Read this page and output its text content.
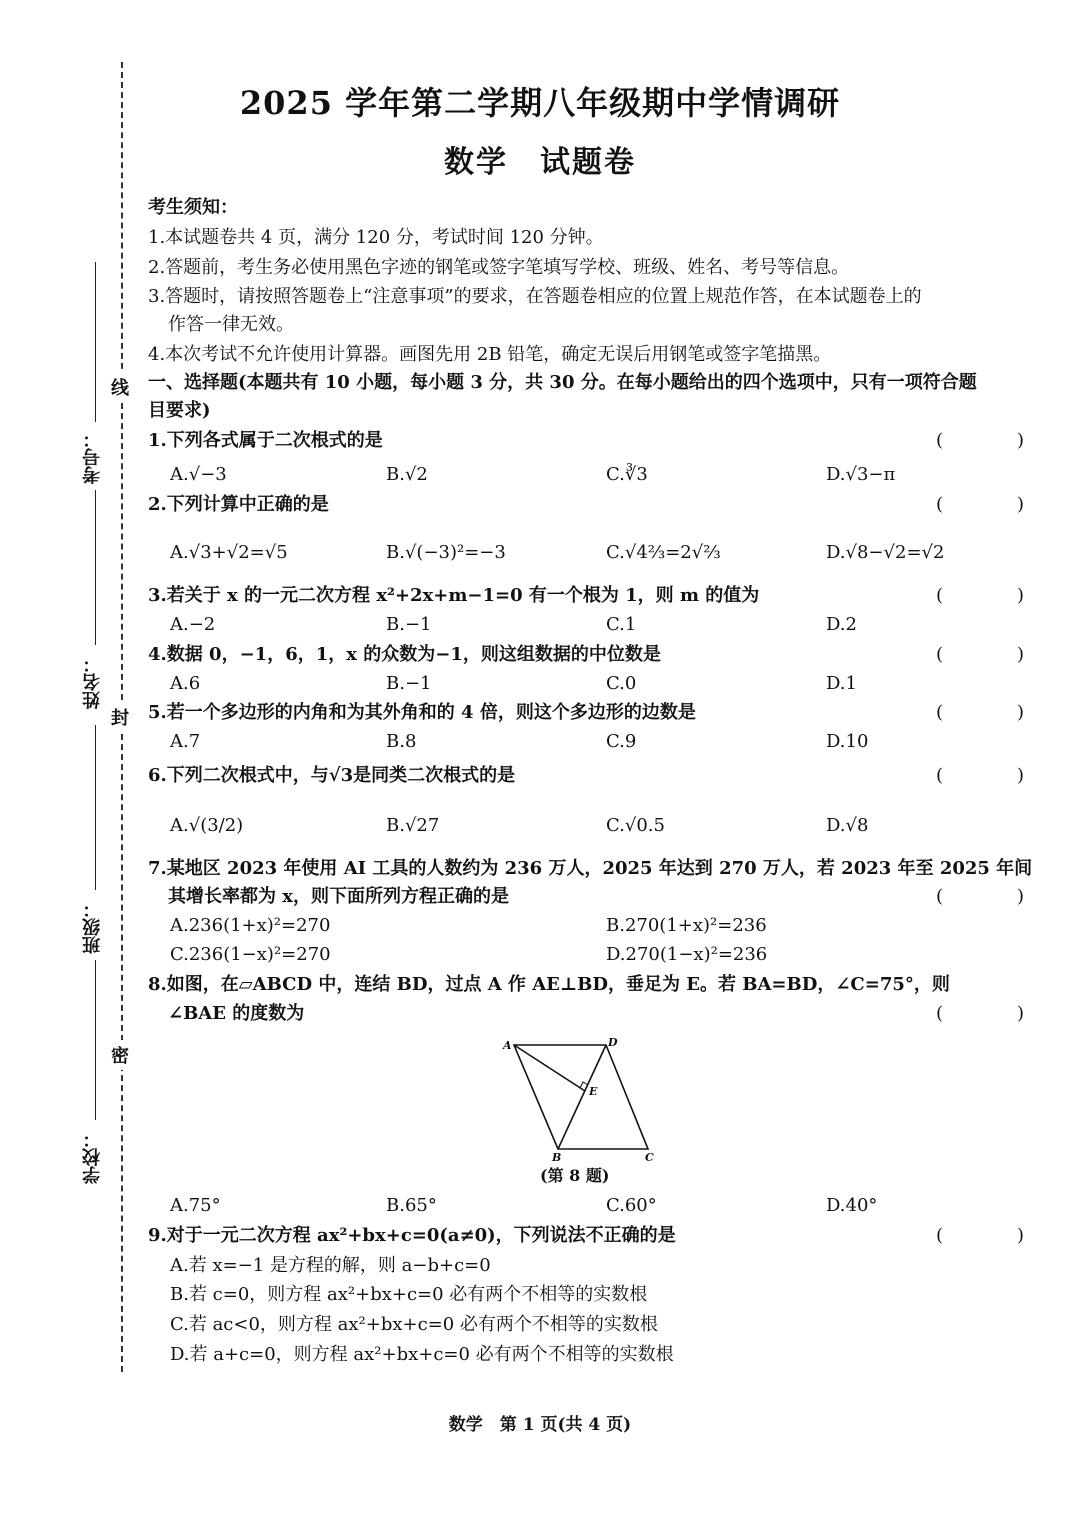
线
封
密
考号：
姓名：
班级：
学校：
2025 学年第二学期八年级期中学情调研
数学　试题卷
考生须知：
1.本试题卷共 4 页，满分 120 分，考试时间 120 分钟。
2.答题前，考生务必使用黑色字迹的钢笔或签字笔填写学校、班级、姓名、考号等信息。
3.答题时，请按照答题卷上“注意事项”的要求，在答题卷相应的位置上规范作答，在本试题卷上的
作答一律无效。
4.本次考试不允许使用计算器。画图先用 2B 铅笔，确定无误后用钢笔或签字笔描黑。
一、选择题(本题共有 10 小题，每小题 3 分，共 30 分。在每小题给出的四个选项中，只有一项符合题
目要求)
1.下列各式属于二次根式的是	(　)
A.√−3	B.√2	C.∛3	D.√3−π
2.下列计算中正确的是	(　)
A.√3+√2=√5	B.√(−3)²=−3	C.√4⅔=2√⅔	D.√8−√2=√2
3.若关于 x 的一元二次方程 x²+2x+m−1=0 有一个根为 1，则 m 的值为	(　)
A.−2	B.−1	C.1	D.2
4.数据 0，−1，6，1，x 的众数为−1，则这组数据的中位数是	(　)
A.6	B.−1	C.0	D.1
5.若一个多边形的内角和为其外角和的 4 倍，则这个多边形的边数是	(　)
A.7	B.8	C.9	D.10
6.下列二次根式中，与√3是同类二次根式的是	(　)
A.√(3/2)	B.√27	C.√0.5	D.√8
7.某地区 2023 年使用 AI 工具的人数约为 236 万人，2025 年达到 270 万人，若 2023 年至 2025 年间
其增长率都为 x，则下面所列方程正确的是	(　)
A.236(1+x)²=270	B.270(1+x)²=236
C.236(1−x)²=270	D.270(1−x)²=236
8.如图，在▱ABCD 中，连结 BD，过点 A 作 AE⊥BD，垂足为 E。若 BA=BD，∠C=75°，则
∠BAE 的度数为	(　)
A	D
E
B	C
(第 8 题)
A.75°	B.65°	C.60°	D.40°
9.对于一元二次方程 ax²+bx+c=0(a≠0)，下列说法不正确的是	(　)
A.若 x=−1 是方程的解，则 a−b+c=0
B.若 c=0，则方程 ax²+bx+c=0 必有两个不相等的实数根
C.若 ac<0，则方程 ax²+bx+c=0 必有两个不相等的实数根
D.若 a+c=0，则方程 ax²+bx+c=0 必有两个不相等的实数根
数学　第 1 页(共 4 页)
